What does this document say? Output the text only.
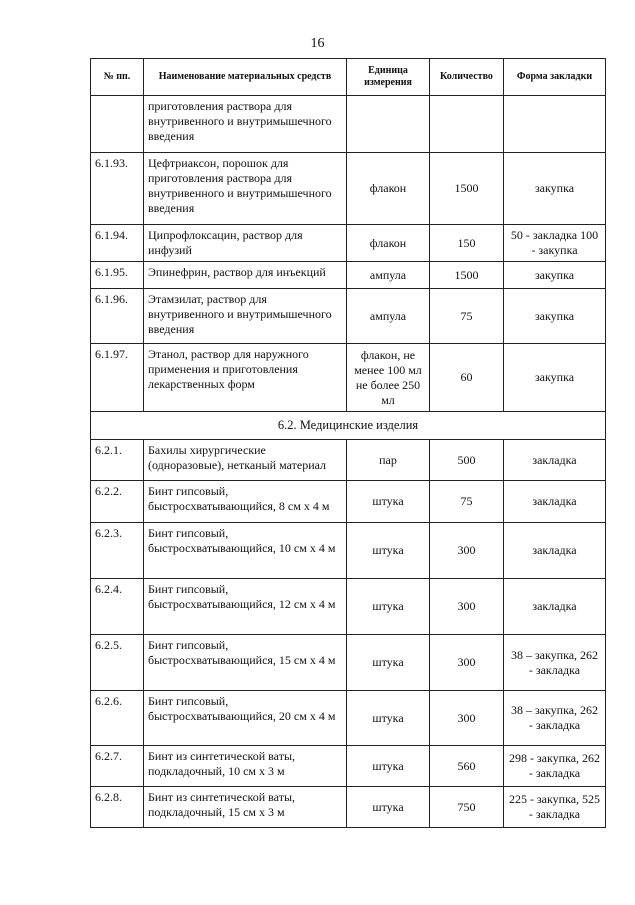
16
№ пп.	Наименование материальных средств	Единица измерения	Количество	Форма закладки
	приготовления раствора для внутривенного и внутримышечного введения			
6.1.93.	Цефтриаксон, порошок для приготовления раствора для внутривенного и внутримышечного введения	флакон	1500	закупка
6.1.94.	Ципрофлоксацин, раствор для инфузий	флакон	150	50 - закладка 100 - закупка
6.1.95.	Эпинефрин, раствор для инъекций	ампула	1500	закупка
6.1.96.	Этамзилат, раствор для внутривенного и внутримышечного введения	ампула	75	закупка
6.1.97.	Этанол, раствор для наружного применения и приготовления лекарственных форм	флакон, не менее 100 мл не более 250 мл	60	закупка
6.2. Медицинские изделия				
6.2.1.	Бахилы хирургические (одноразовые), нетканый материал	пар	500	закладка
6.2.2.	Бинт гипсовый, быстросхватывающийся, 8 см х 4 м	штука	75	закладка
6.2.3.	Бинт гипсовый, быстросхватывающийся, 10 см х 4 м	штука	300	закладка
6.2.4.	Бинт гипсовый, быстросхватывающийся, 12 см х 4 м	штука	300	закладка
6.2.5.	Бинт гипсовый, быстросхватывающийся, 15 см х 4 м	штука	300	38 – закупка, 262 - закладка
6.2.6.	Бинт гипсовый, быстросхватывающийся, 20 см х 4 м	штука	300	38 – закупка, 262 - закладка
6.2.7.	Бинт из синтетической ваты, подкладочный, 10 см х 3 м	штука	560	298 - закупка, 262 - закладка
6.2.8.	Бинт из синтетической ваты, подкладочный, 15 см х 3 м	штука	750	225 - закупка, 525 - закладка
